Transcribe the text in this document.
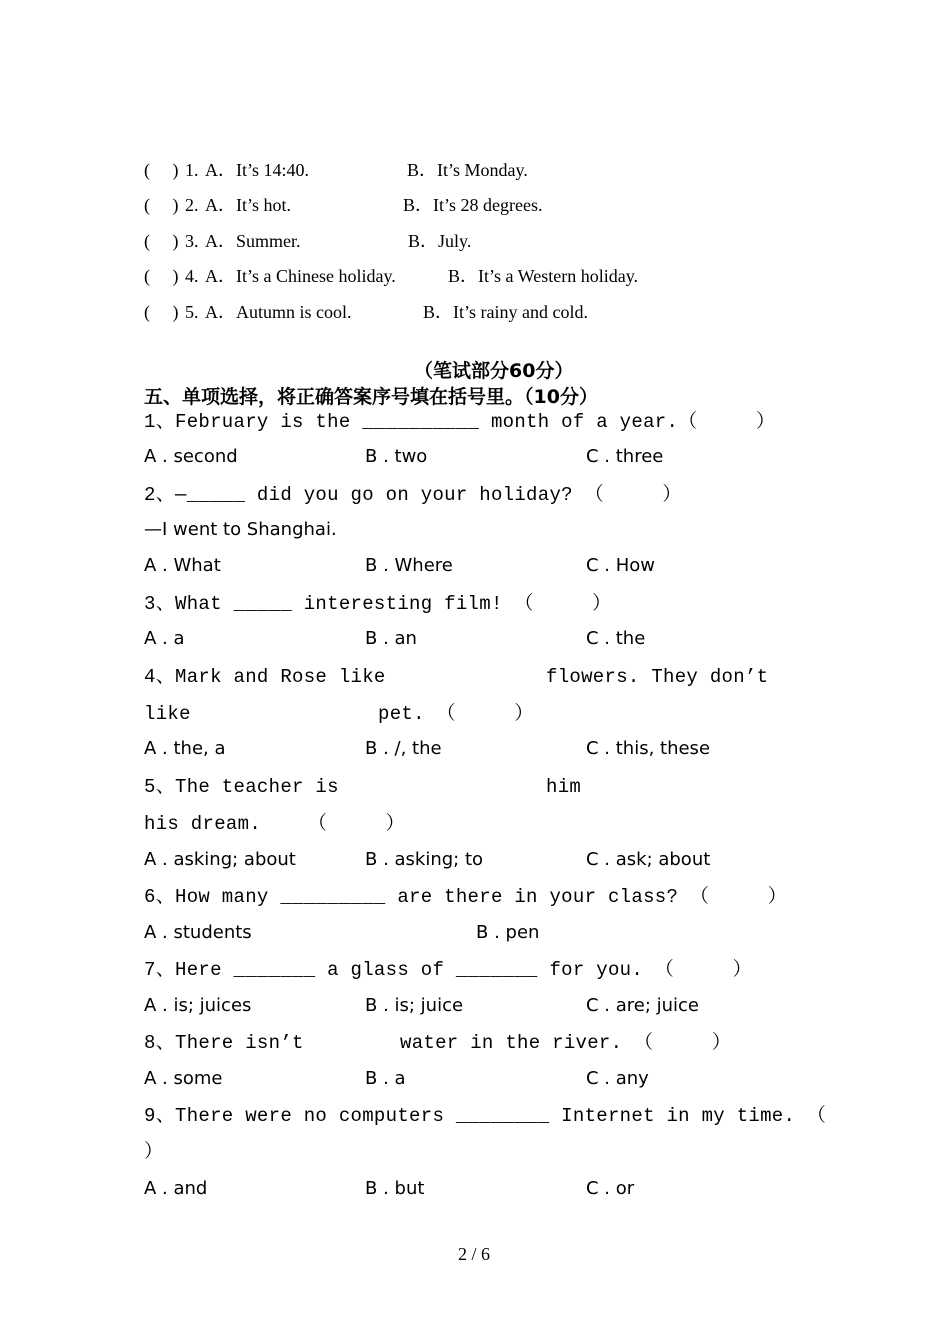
(     ) 1. A．It’s 14:40.	B．It’s Monday.
(     ) 2. A．It’s hot.	B．It’s 28 degrees.
(     ) 3. A．Summer.	B．July.
(     ) 4. A．It’s a Chinese holiday.	B．It’s a Western holiday.
(     ) 5. A．Autumn is cool.	B．It’s rainy and cold.
（笔试部分60分）
五、单项选择，将正确答案序号填在括号里。（10分）
1、February is the __________ month of a year.（     ）
A . second	B . two	C . three
2、—_____ did you go on your holiday? （     ）
—I went to Shanghai.
A . What	B . Where	C . How
3、What _____ interesting film! （     ）
A . a	B . an	C . the
4、Mark and Rose like	flowers. They don’t
like	pet. （     ）
A . the, a	B . /, the	C . this, these
5、The teacher is	him
his dream.    （     ）
A . asking; about	B . asking; to	C . ask; about
6、How many _________ are there in your class? （     ）
A . students	B . pen
7、Here _______ a glass of _______ for you. （     ）
A . is; juices	B . is; juice	C . are; juice
8、There isn’t	water in the river. （     ）
A . some	B . a	C . any
9、There were no computers ________ Internet in my time. （
）
A . and	B . but	C . or
2 / 6
